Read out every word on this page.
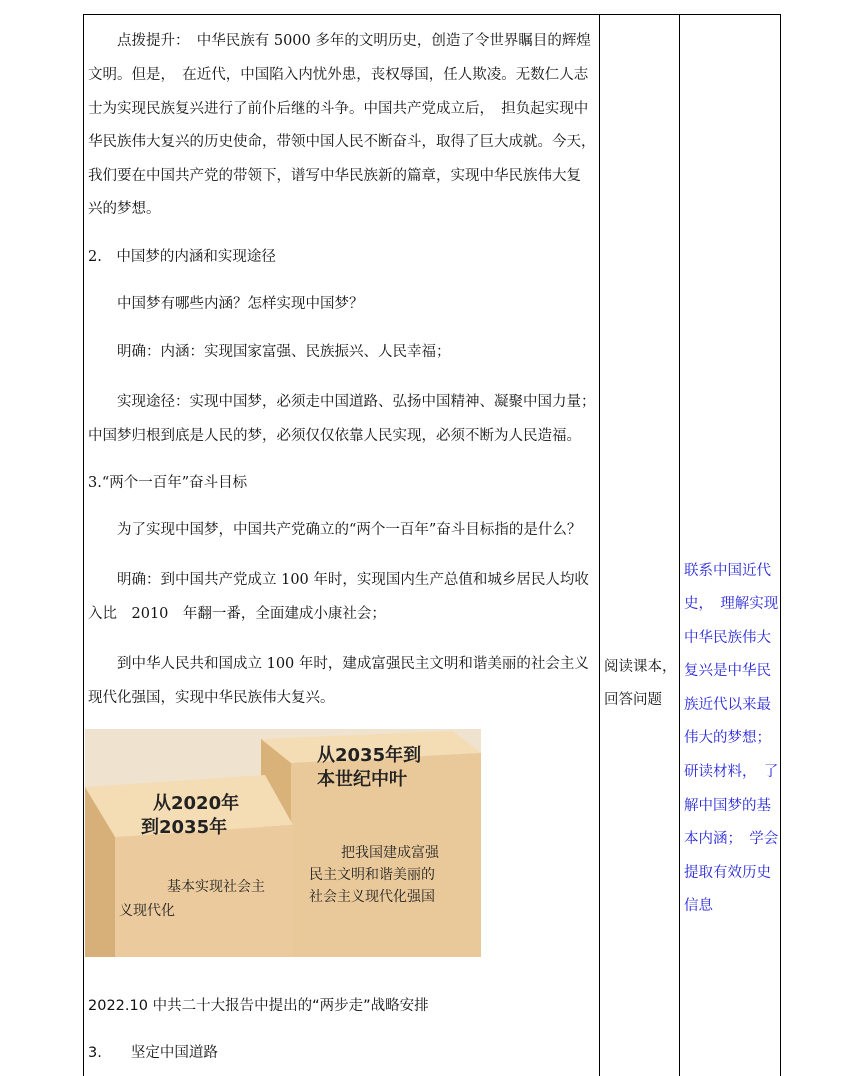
点拨提升：　中华民族有 5000 多年的文明历史，创造了令世界瞩目的辉煌
文明。但是，　在近代，中国陷入内忧外患，丧权辱国，任人欺凌。无数仁人志
士为实现民族复兴进行了前仆后继的斗争。中国共产党成立后，　担负起实现中
华民族伟大复兴的历史使命，带领中国人民不断奋斗，取得了巨大成就。今天，
我们要在中国共产党的带领下，谱写中华民族新的篇章，实现中华民族伟大复
兴的梦想。
2.　中国梦的内涵和实现途径
中国梦有哪些内涵？怎样实现中国梦？
明确：内涵：实现国家富强、民族振兴、人民幸福；
实现途径：实现中国梦，必须走中国道路、弘扬中国精神、凝聚中国力量；
中国梦归根到底是人民的梦，必须仅仅依靠人民实现，必须不断为人民造福。
3.“两个一百年”奋斗目标
为了实现中国梦，中国共产党确立的“两个一百年”奋斗目标指的是什么？
明确：到中国共产党成立 100 年时，实现国内生产总值和城乡居民人均收
入比　2010　年翻一番，全面建成小康社会；
到中华人民共和国成立 100 年时，建成富强民主文明和谐美丽的社会主义
现代化强国，实现中华民族伟大复兴。
从2035年到
本世纪中叶
从2020年
到2035年
把我国建成富强
民主文明和谐美丽的
社会主义现代化强国
基本实现社会主
义现代化
2022.10 中共二十大报告中提出的“两步走”战略安排
3.　　坚定中国道路
阅读课本，
回答问题
联系中国近代
史，　理解实现
中华民族伟大
复兴是中华民
族近代以来最
伟大的梦想；
研读材料，　了
解中国梦的基
本内涵；　学会
提取有效历史
信息
